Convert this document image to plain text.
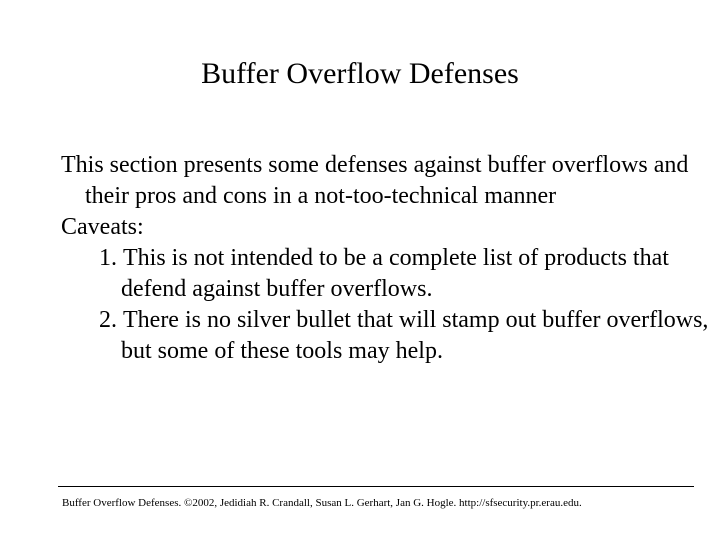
Buffer Overflow Defenses

This section presents some defenses against buffer overflows and their pros and cons in a not-too-technical manner

Caveats:

1. This is not intended to be a complete list of products that defend against buffer overflows.
2. There is no silver bullet that will stamp out buffer overflows, but some of these tools may help.
Buffer Overflow Defenses. ©2002, Jedidiah R. Crandall, Susan L. Gerhart, Jan G. Hogle. http://sfsecurity.pr.erau.edu.
